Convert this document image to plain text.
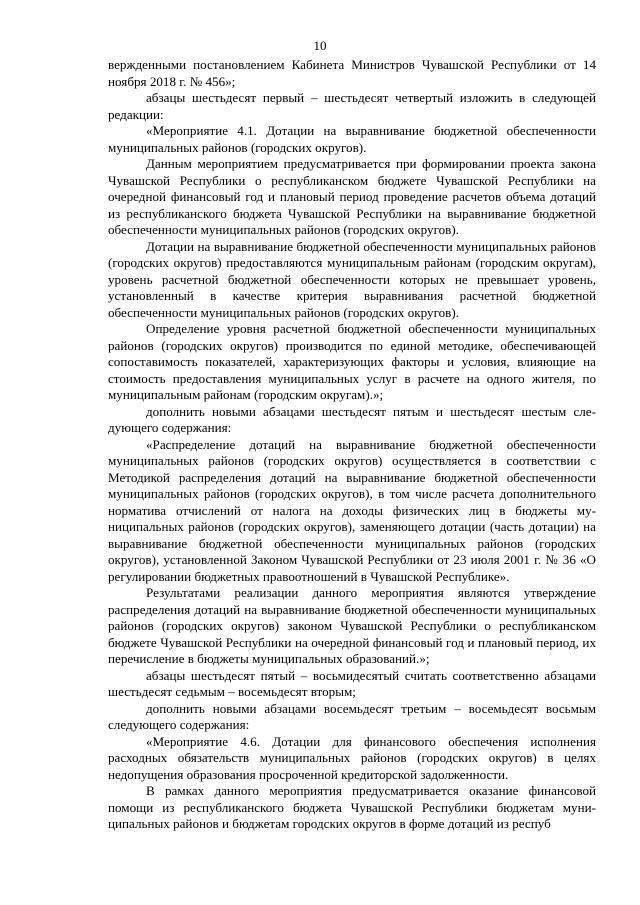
10

вержденными постановлением Кабинета Министров Чувашской Республики от 14 ноября 2018 г. № 456»;

абзацы шестьдесят первый – шестьдесят четвертый изложить в следующей редакции:

«Мероприятие 4.1. Дотации на выравнивание бюджетной обеспеченности муниципальных районов (городских округов).

Данным мероприятием предусматривается при формировании проекта закона Чувашской Республики о республиканском бюджете Чувашской Республики на очередной финансовый год и плановый период проведение расчетов объема дотаций из республиканского бюджета Чувашской Республики на выравнивание бюджетной обеспеченности муниципальных районов (городских округов).

Дотации на выравнивание бюджетной обеспеченности муниципальных районов (городских округов) предоставляются муниципальным районам (городским округам), уровень расчетной бюджетной обеспеченности которых не превышает уровень, установленный в качестве критерия выравнивания расчетной бюджетной обеспеченности муниципальных районов (городских округов).

Определение уровня расчетной бюджетной обеспеченности муниципальных районов (городских округов) производится по единой методике, обеспечивающей сопоставимость показателей, характеризующих факторы и условия, влияющие на стоимость предоставления муниципальных услуг в расчете на одного жителя, по муниципальным районам (городским округам).»;

дополнить новыми абзацами шестьдесят пятым и шестьдесят шестым следующего содержания:

«Распределение дотаций на выравнивание бюджетной обеспеченности муниципальных районов (городских округов) осуществляется в соответствии с Методикой распределения дотаций на выравнивание бюджетной обеспеченности муниципальных районов (городских округов), в том числе расчета дополнительного норматива отчислений от налога на доходы физических лиц в бюджеты муниципальных районов (городских округов), заменяющего дотации (часть дотации) на выравнивание бюджетной обеспеченности муниципальных районов (городских округов), установленной Законом Чувашской Республики от 23 июля 2001 г. № 36 «О регулировании бюджетных правоотношений в Чувашской Республике».

Результатами реализации данного мероприятия являются утверждение распределения дотаций на выравнивание бюджетной обеспеченности муниципальных районов (городских округов) законом Чувашской Республики о республиканском бюджете Чувашской Республики на очередной финансовый год и плановый период, их перечисление в бюджеты муниципальных образований.»;

абзацы шестьдесят пятый – восьмидесятый считать соответственно абзацами шестьдесят седьмым – восемьдесят вторым;

дополнить новыми абзацами восемьдесят третьим – восемьдесят восьмым следующего содержания:

«Мероприятие 4.6. Дотации для финансового обеспечения исполнения расходных обязательств муниципальных районов (городских округов) в целях недопущения образования просроченной кредиторской задолженности.

В рамках данного мероприятия предусматривается оказание финансовой помощи из республиканского бюджета Чувашской Республики бюджетам муниципальных районов и бюджетам городских округов в форме дотаций из респуб
